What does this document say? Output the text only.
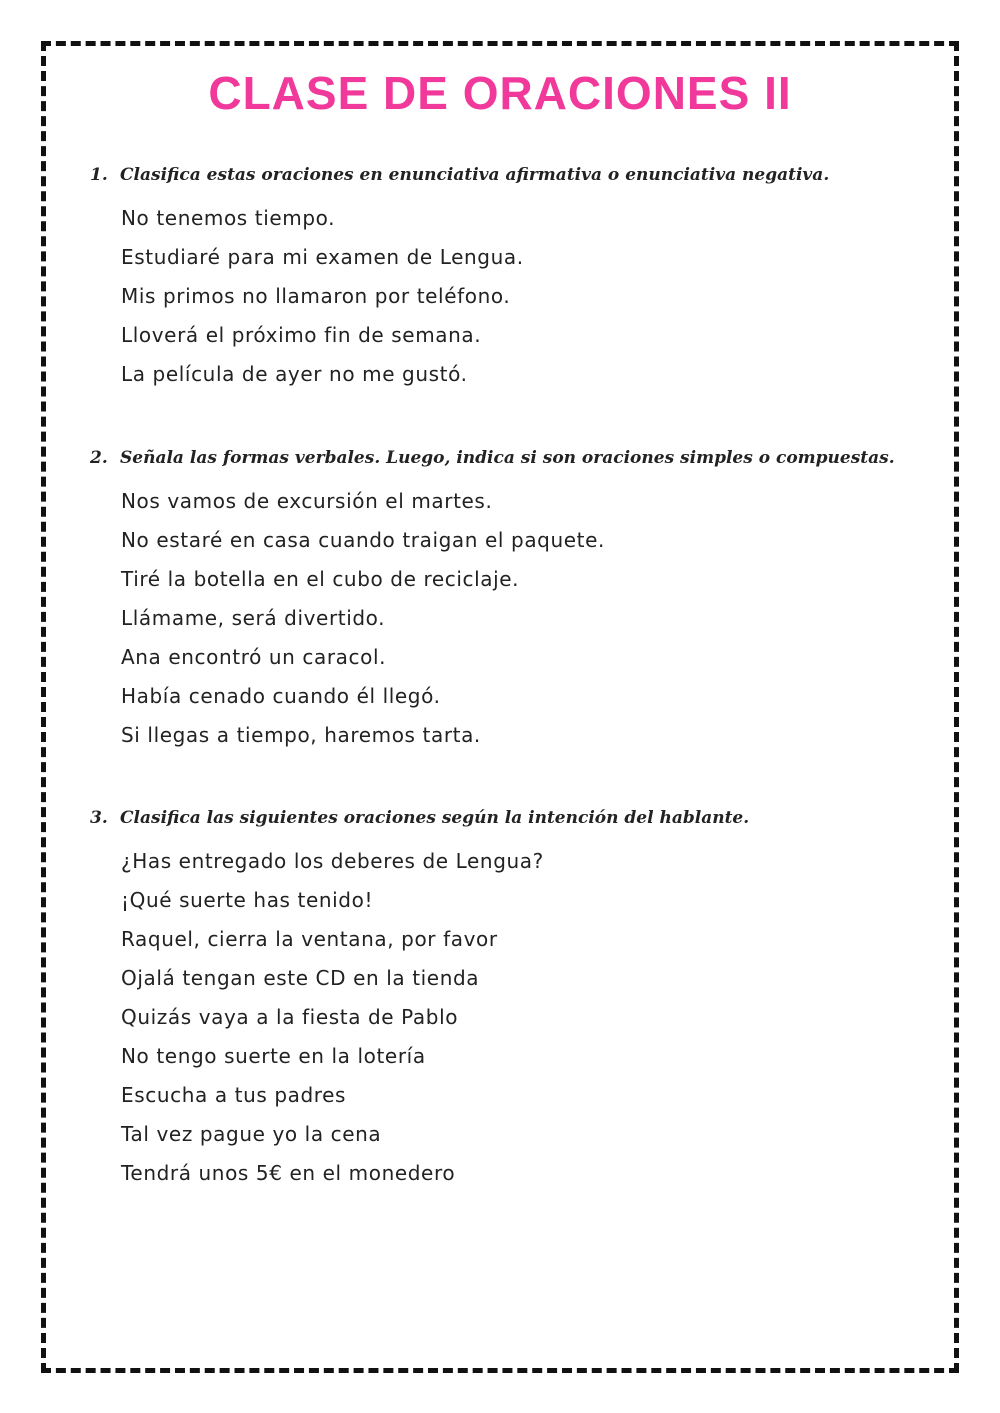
CLASE DE ORACIONES II
1. Clasifica estas oraciones en enunciativa afirmativa o enunciativa negativa.
No tenemos tiempo.
Estudiaré para mi examen de Lengua.
Mis primos no llamaron por teléfono.
Lloverá el próximo fin de semana.
La película de ayer no me gustó.
2. Señala las formas verbales. Luego, indica si son oraciones simples o compuestas.
Nos vamos de excursión el martes.
No estaré en casa cuando traigan el paquete.
Tiré la botella en el cubo de reciclaje.
Llámame, será divertido.
Ana encontró un caracol.
Había cenado cuando él llegó.
Si llegas a tiempo, haremos tarta.
3. Clasifica las siguientes oraciones según la intención del hablante.
¿Has entregado los deberes de Lengua?
¡Qué suerte has tenido!
Raquel, cierra la ventana, por favor
Ojalá tengan este CD en la tienda
Quizás vaya a la fiesta de Pablo
No tengo suerte en la lotería
Escucha a tus padres
Tal vez pague yo la cena
Tendrá unos 5€ en el monedero
